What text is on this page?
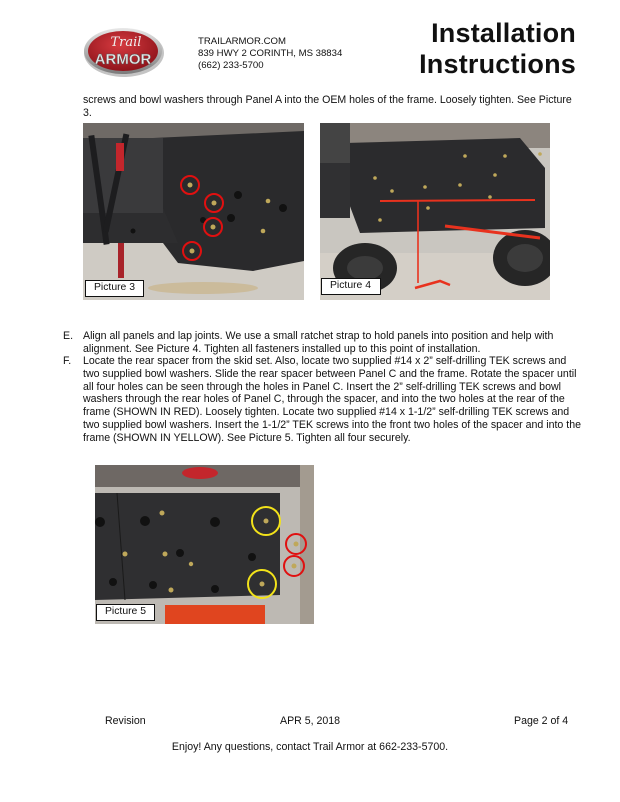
Trail
ARMOR
TRAILARMOR.COM
839 HWY 2 CORINTH, MS 38834
(662) 233-5700
Installation
Instructions
screws and bowl washers through Panel A into the OEM holes of the frame. Loosely tighten. See Picture 3.
Picture 3	Picture 4
E. Align all panels and lap joints. We use a small ratchet strap to hold panels into position and help with alignment. See Picture 4. Tighten all fasteners installed up to this point of installation.
F. Locate the rear spacer from the skid set. Also, locate two supplied #14 x 2” self-drilling TEK screws and two supplied bowl washers. Slide the rear spacer between Panel C and the frame. Rotate the spacer until all four holes can be seen through the holes in Panel C. Insert the 2” self-drilling TEK screws and bowl washers through the rear holes of Panel C, through the spacer, and into the two holes at the rear of the frame (SHOWN IN RED). Loosely tighten. Locate two supplied #14 x 1-1/2” self-drilling TEK screws and two supplied bowl washers. Insert the 1-1/2” TEK screws into the front two holes of the spacer and into the frame (SHOWN IN YELLOW). See Picture 5. Tighten all four securely.
Picture 5
Revision	APR 5, 2018	Page 2 of 4
Enjoy! Any questions, contact Trail Armor at 662-233-5700.
